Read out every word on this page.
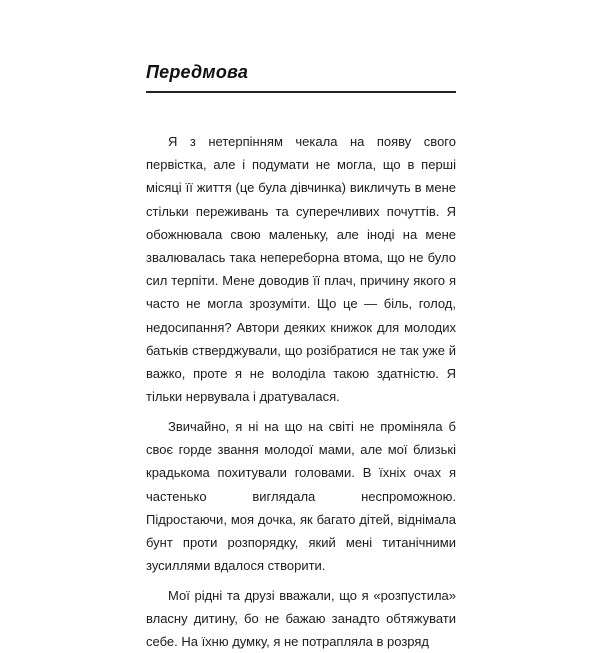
Передмова

Я з нетерпінням чекала на появу свого первістка, але і подумати не могла, що в перші місяці її життя (це була дівчинка) викличуть в мене стільки переживань та суперечливих почуттів. Я обожнювала свою маленьку, але іноді на мене звалювалась така непереборна втома, що не було сил терпіти. Мене доводив її плач, причину якого я часто не могла зрозуміти. Що це — біль, голод, недосипання? Автори деяких книжок для молодих батьків стверджували, що розібратися не так уже й важко, проте я не володіла такою здатністю. Я тільки нервувала і дратувалася.

Звичайно, я ні на що на світі не проміняла б своє горде звання молодої мами, але мої близькі крадькома похитували головами. В їхніх очах я частенько виглядала неспроможною. Підростаючи, моя дочка, як багато дітей, віднімала бунт проти розпорядку, який мені титанічними зусиллями вдалося створити.

Мої рідні та друзі вважали, що я «розпустила» власну дитину, бо не бажаю занадто обтяжувати себе. На їхню думку, я не потрапляла в розряд
